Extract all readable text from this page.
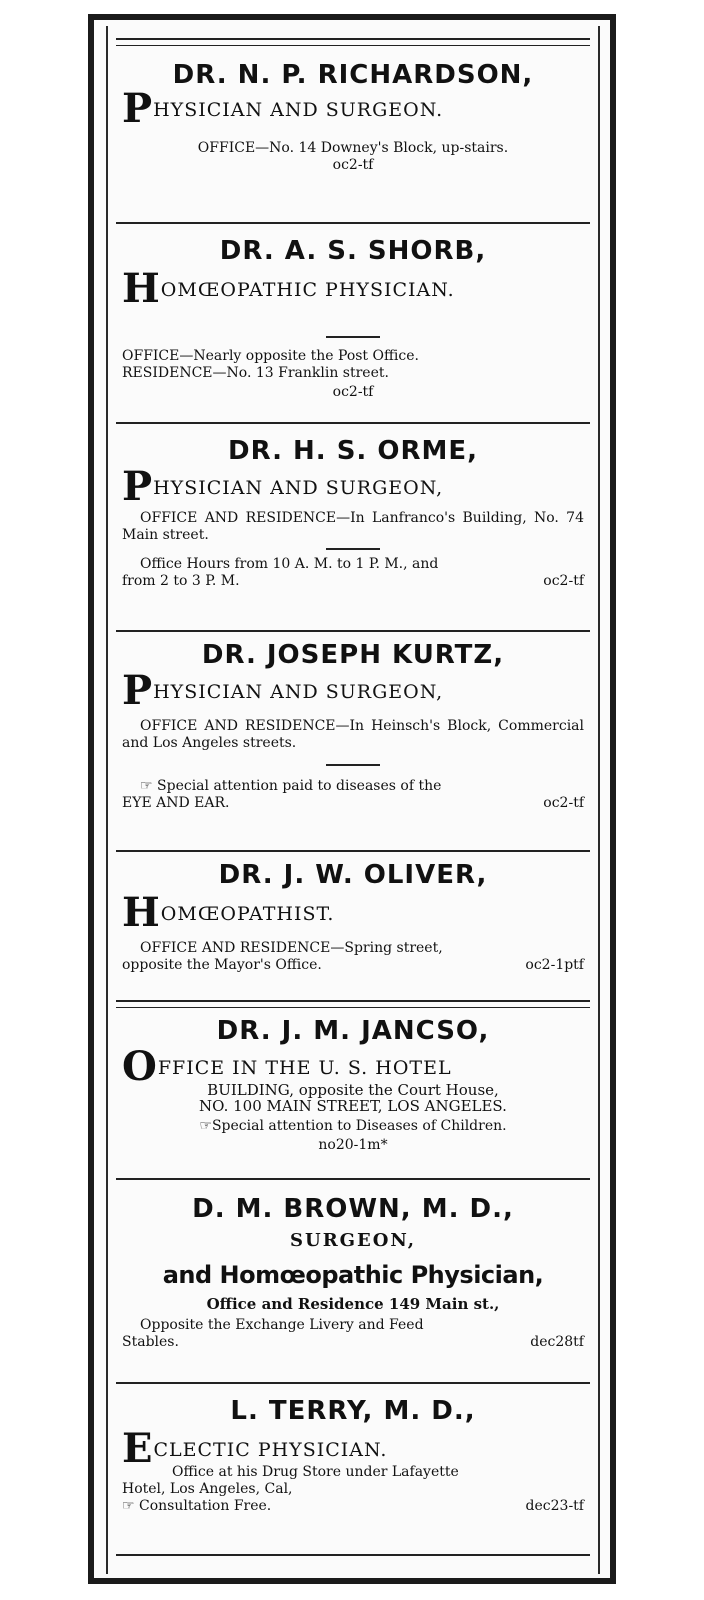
DR. N. P. RICHARDSON,
PHYSICIAN AND SURGEON.
OFFICE—No. 14 Downey's Block, up-stairs.
oc2-tf
DR. A. S. SHORB,
HOMŒOPATHIC PHYSICIAN.
OFFICE—Nearly opposite the Post Office.
RESIDENCE—No. 13 Franklin street.
oc2-tf
DR. H. S. ORME,
PHYSICIAN AND SURGEON,
OFFICE AND RESIDENCE—In Lanfranco's Building, No. 74 Main street.
Office Hours from 10 A. M. to 1 P. M., and
from 2 to 3 P. M.	oc2-tf
DR. JOSEPH KURTZ,
PHYSICIAN AND SURGEON,
OFFICE AND RESIDENCE—In Heinsch's Block, Commercial and Los Angeles streets.
☞ Special attention paid to diseases of the
EYE AND EAR.	oc2-tf
DR. J. W. OLIVER,
HOMŒOPATHIST.
OFFICE AND RESIDENCE—Spring street,
opposite the Mayor's Office.	oc2-1ptf
DR. J. M. JANCSO,
OFFICE IN THE U. S. HOTEL
BUILDING, opposite the Court House,
NO. 100 MAIN STREET, LOS ANGELES.
☞Special attention to Diseases of Children.
no20-1m*
D. M. BROWN, M. D.,
SURGEON,
and Homœopathic Physician,
Office and Residence 149 Main st.,
Opposite the Exchange Livery and Feed
Stables.	dec28tf
L. TERRY, M. D.,
ECLECTIC PHYSICIAN.
Office at his Drug Store under Lafayette
Hotel, Los Angeles, Cal,
☞ Consultation Free.	dec23-tf
